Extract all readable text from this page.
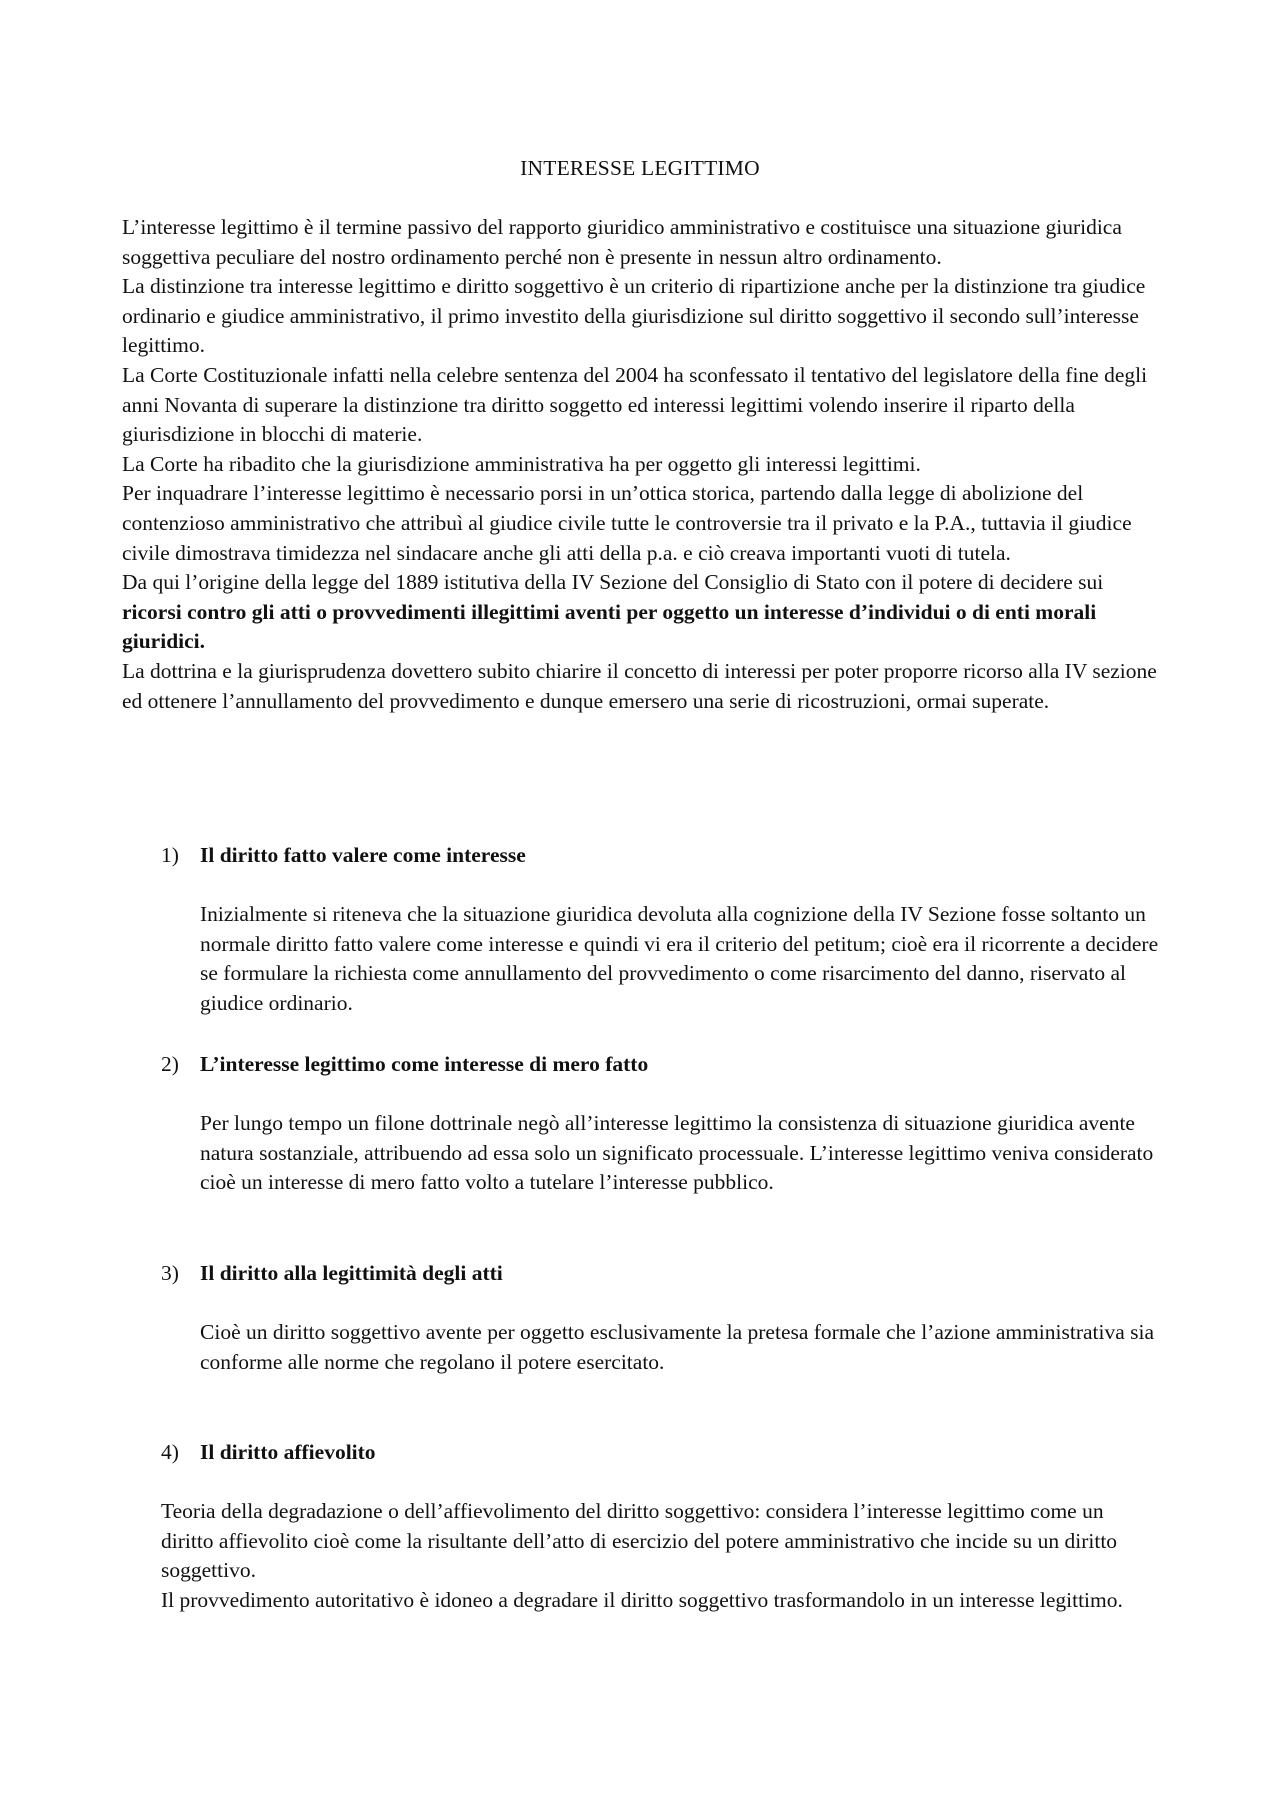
INTERESSE LEGITTIMO

L’interesse legittimo è il termine passivo del rapporto giuridico amministrativo e costituisce una situazione giuridica soggettiva peculiare del nostro ordinamento perché non è presente in nessun altro ordinamento.

La distinzione tra interesse legittimo e diritto soggettivo è un criterio di ripartizione anche per la distinzione tra giudice ordinario e giudice amministrativo, il primo investito della giurisdizione sul diritto soggettivo il secondo sull’interesse legittimo.

La Corte Costituzionale infatti nella celebre sentenza del 2004 ha sconfessato il tentativo del legislatore della fine degli anni Novanta di superare la distinzione tra diritto soggetto ed interessi legittimi volendo inserire il riparto della giurisdizione in blocchi di materie.

La Corte ha ribadito che la giurisdizione amministrativa ha per oggetto gli interessi legittimi.

Per inquadrare l’interesse legittimo è necessario porsi in un’ottica storica, partendo dalla legge di abolizione del contenzioso amministrativo che attribuì al giudice civile tutte le controversie tra il privato e la P.A., tuttavia il giudice civile dimostrava timidezza nel sindacare anche gli atti della p.a. e ciò creava importanti vuoti di tutela.

Da qui l’origine della legge del 1889 istitutiva della IV Sezione del Consiglio di Stato con il potere di decidere sui ricorsi contro gli atti o provvedimenti illegittimi aventi per oggetto un interesse d’individui o di enti morali giuridici.

La dottrina e la giurisprudenza dovettero subito chiarire il concetto di interessi per poter proporre ricorso alla IV sezione ed ottenere l’annullamento del provvedimento e dunque emersero una serie di ricostruzioni, ormai superate.

1) Il diritto fatto valere come interesse

Inizialmente si riteneva che la situazione giuridica devoluta alla cognizione della IV Sezione fosse soltanto un normale diritto fatto valere come interesse e quindi vi era il criterio del petitum; cioè era il ricorrente a decidere se formulare la richiesta come annullamento del provvedimento o come risarcimento del danno, riservato al giudice ordinario.

2) L’interesse legittimo come interesse di mero fatto

Per lungo tempo un filone dottrinale negò all’interesse legittimo la consistenza di situazione giuridica avente natura sostanziale, attribuendo ad essa solo un significato processuale. L’interesse legittimo veniva considerato cioè un interesse di mero fatto volto a tutelare l’interesse pubblico.

3) Il diritto alla legittimità degli atti

Cioè un diritto soggettivo avente per oggetto esclusivamente la pretesa formale che l’azione amministrativa sia conforme alle norme che regolano il potere esercitato.

4) Il diritto affievolito

Teoria della degradazione o dell’affievolimento del diritto soggettivo: considera l’interesse legittimo come un diritto affievolito cioè come la risultante dell’atto di esercizio del potere amministrativo che incide su un diritto soggettivo.

Il provvedimento autoritativo è idoneo a degradare il diritto soggettivo trasformandolo in un interesse legittimo.
